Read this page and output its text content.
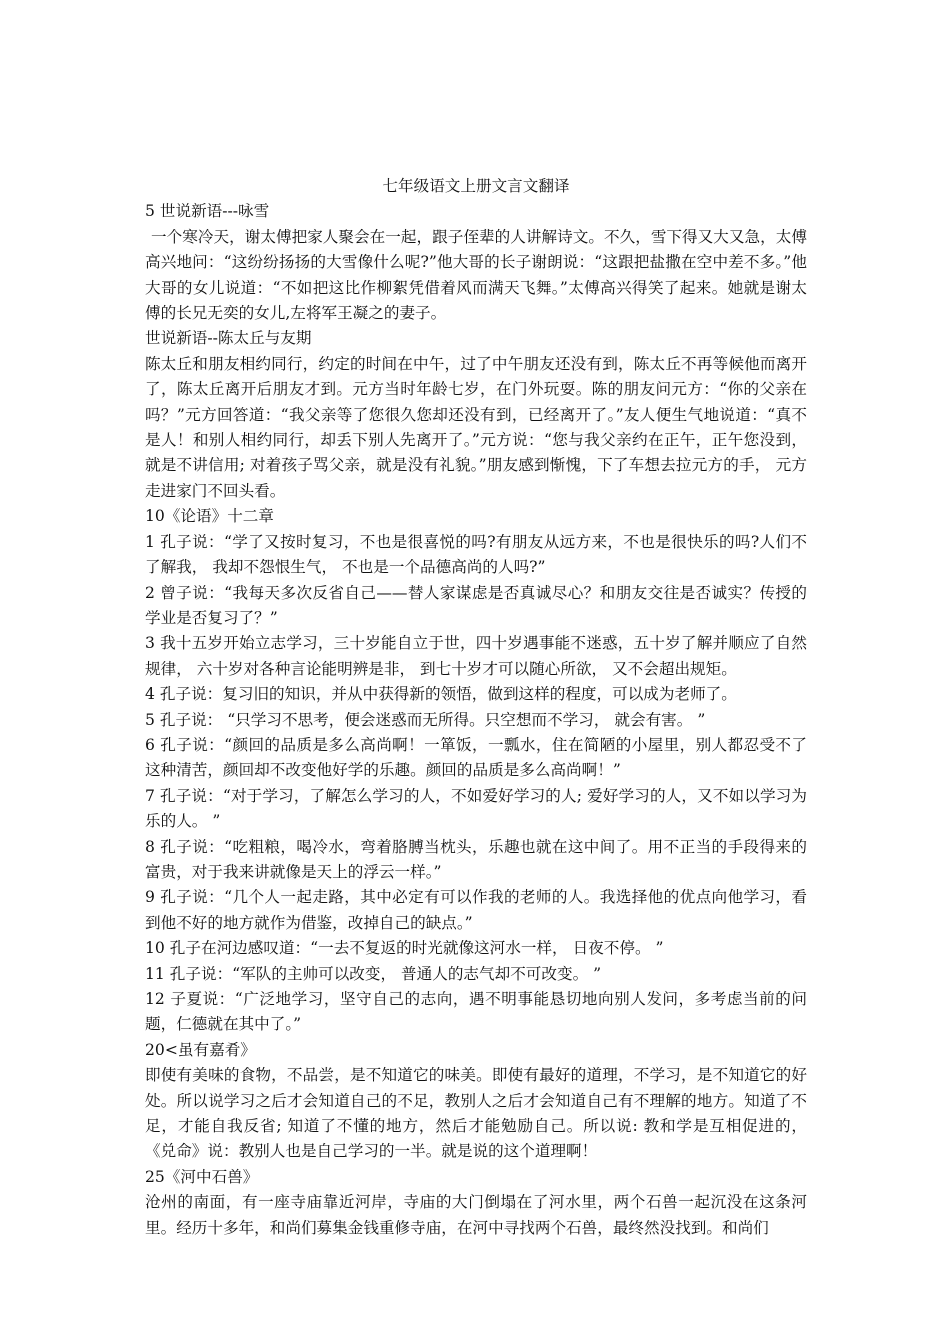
七年级语文上册文言文翻译

5 世说新语---咏雪

一个寒冷天，谢太傅把家人聚会在一起，跟子侄辈的人讲解诗文。不久，雪下得又大又急，太傅高兴地问：“这纷纷扬扬的大雪像什么呢?”他大哥的长子谢朗说：“这跟把盐撒在空中差不多。”他大哥的女儿说道：“不如把这比作柳絮凭借着风而满天飞舞。”太傅高兴得笑了起来。她就是谢太傅的长兄无奕的女儿,左将军王凝之的妻子。

世说新语--陈太丘与友期

陈太丘和朋友相约同行，约定的时间在中午，过了中午朋友还没有到，陈太丘不再等候他而离开了，陈太丘离开后朋友才到。元方当时年龄七岁，在门外玩耍。陈的朋友问元方：“你的父亲在吗？”元方回答道：“我父亲等了您很久您却还没有到，已经离开了。”友人便生气地说道：“真不是人！和别人相约同行，却丢下别人先离开了。”元方说：“您与我父亲约在正午，正午您没到，就是不讲信用; 对着孩子骂父亲，就是没有礼貌。”朋友感到惭愧，下了车想去拉元方的手， 元方走进家门不回头看。

10《论语》十二章

1 孔子说：“学了又按时复习，不也是很喜悦的吗?有朋友从远方来，不也是很快乐的吗?人们不了解我， 我却不怨恨生气， 不也是一个品德高尚的人吗?”

2 曾子说：“我每天多次反省自己——替人家谋虑是否真诚尽心？和朋友交往是否诚实？传授的学业是否复习了？”

3 我十五岁开始立志学习，三十岁能自立于世，四十岁遇事能不迷惑，五十岁了解并顺应了自然规律， 六十岁对各种言论能明辨是非， 到七十岁才可以随心所欲， 又不会超出规矩。

4 孔子说：复习旧的知识，并从中获得新的领悟，做到这样的程度，可以成为老师了。

5 孔子说： “只学习不思考，便会迷惑而无所得。只空想而不学习， 就会有害。 ”

6 孔子说：“颜回的品质是多么高尚啊！一箪饭，一瓢水，住在简陋的小屋里，别人都忍受不了这种清苦，颜回却不改变他好学的乐趣。颜回的品质是多么高尚啊！”

7 孔子说：“对于学习，了解怎么学习的人，不如爱好学习的人; 爱好学习的人，又不如以学习为乐的人。 ”

8 孔子说：“吃粗粮，喝冷水，弯着胳膊当枕头，乐趣也就在这中间了。用不正当的手段得来的富贵，对于我来讲就像是天上的浮云一样。”

9 孔子说：“几个人一起走路，其中必定有可以作我的老师的人。我选择他的优点向他学习，看到他不好的地方就作为借鉴，改掉自己的缺点。”

10 孔子在河边感叹道：“一去不复返的时光就像这河水一样， 日夜不停。 ”

11 孔子说：“军队的主帅可以改变， 普通人的志气却不可改变。 ”

12 子夏说：“广泛地学习，坚守自己的志向，遇不明事能恳切地向别人发问，多考虑当前的问题，仁德就在其中了。”

20<虽有嘉肴》

即使有美味的食物，不品尝，是不知道它的味美。即使有最好的道理，不学习，是不知道它的好处。所以说学习之后才会知道自己的不足，教别人之后才会知道自己有不理解的地方。知道了不足，才能自我反省; 知道了不懂的地方，然后才能勉励自己。所以说: 教和学是互相促进的， 《兑命》说：教别人也是自己学习的一半。就是说的这个道理啊！

25《河中石兽》

沧州的南面，有一座寺庙靠近河岸，寺庙的大门倒塌在了河水里，两个石兽一起沉没在这条河里。经历十多年，和尚们募集金钱重修寺庙，在河中寻找两个石兽，最终然没找到。和尚们
